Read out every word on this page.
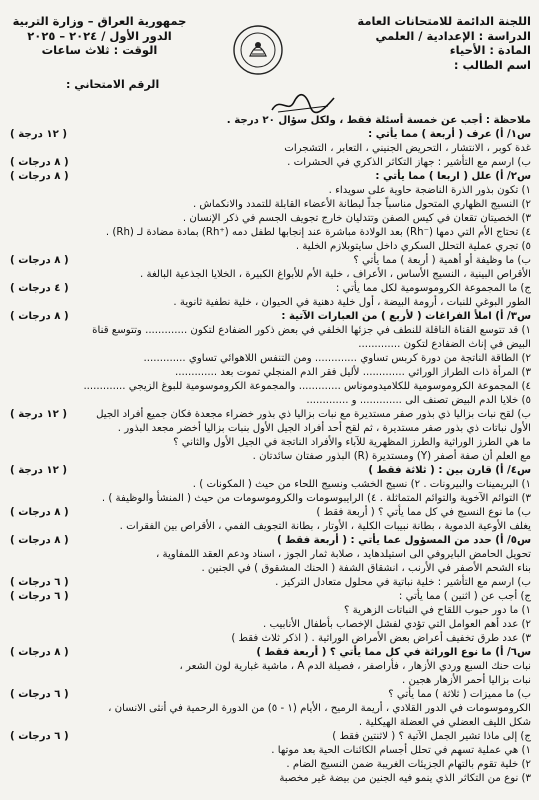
اللجنة الدائمة للامتحانات العامة
الدراسة : الإعدادية / العلمي
المادة : الأحياء
اسم الطالب :
جمهورية العراق – وزارة التربية
الدور الأول / ٢٠٢٤ – ٢٠٢٥
الوقت : ثلاث ساعات
الرقم الامتحاني :
ملاحظة : أجب عن خمسة أسئلة فقط ، ولكل سؤال ٢٠ درجة .
س١/ أ) عرف ( أربعة ) مما يأتي :
( ١٢ درجة )
غدة كوبر ، الانتشار ، التحريض الجنيني ، التعابر ، التشجرات
ب) ارسم مع التأشير : جهاز التكاثر الذكري في الحشرات .
( ٨ درجات )
س٢/ أ) علل ( اربعا ) مما يأتي :
( ٨ درجات )
١) تكون بذور الذرة الناضجة حاوية على سويداء .
٢) النسيج الظهاري المتحول مناسباً جداً لبطانة الأعضاء القابلة للتمدد والانكماش .
٣) الخصيتان تقعان في كيس الصفن وتتدليان خارج تجويف الجسم في ذكر الإنسان .
٤) تحتاج الأم التي دمها (⁻Rh) بعد الولادة مباشرة عند إنجابها لطفل دمه (⁺Rh) بمادة مضادة لـ (Rh) .
٥) تجري عملية التحلل السكري داخل سايتوبلازم الخلية .
ب) ما وظيفة أو أهمية ( أربعة ) مما يأتي ؟
( ٨ درجات )
الأقراص البينية ، النسيج الأساس ، الأعراف ، خلية الأم للأبواغ الكبيرة ، الخلايا الجذعية البالغة .
ج) ما المجموعة الكروموسومية لكل مما يأتي :
( ٤ درجات )
الطور البوغي للنبات ، أرومة البيضة ، أول خلية دهنية في الحيوان ، خلية نطفية ثانوية .
س٣/ أ) املأ الفراغات ( لأربع ) من العبارات الآتية :
( ٨ درجات )
١) قد تتوسع القناة الناقلة للنطف في جزئها الخلفي في بعض ذكور الضفادع لتكون ............. وتتوسع قناة
البيض في إناث الضفادع لتكون .............
٢) الطاقة الناتجة من دورة كربس تساوي ............. ومن التنفس اللاهوائي تساوي .............
٣) المرأة ذات الطراز الوراثي ............. لأليل فقر الدم المنجلي تموت بعد .............
٤) المجموعة الكروموسومية للكلاميدوموناس ............. والمجموعة الكروموسومية للبوغ الزيجي .............
٥) خلايا الدم البيض تصنف الى ............. و .............
ب) لقح نبات بزاليا ذي بذور صفر مستديرة مع نبات بزاليا ذي بذور خضراء مجعدة فكان جميع أفراد الجيل
( ١٢ درجة )
الأول نباتات ذي بذور صفر مستديرة ، ثم لقح أحد أفراد الجيل الأول بنبات بزاليا أخضر مجعد البذور .
ما هي الطرز الوراثية والطرز المظهرية للآباء والأفراد الناتجة في الجيل الأول والثاني ؟
مع العلم أن صفة أصفر (Y) ومستديرة (R) البذور صفتان سائدتان .
س٤/ أ) قارن بين : ( ثلاثة فقط )
( ١٢ درجة )
١) البريمينات والبيرونات . ٢) نسيج الخشب ونسيج اللحاء من حيث ( المكونات ) .
٣) التوائم الآخوية والتوائم المتماثلة . ٤) الرايبوسومات والكروموسومات من حيث ( المنشأ والوظيفة ) .
ب) ما نوع النسيج في كل مما يأتي ؟ ( أربعة فقط )
( ٨ درجات )
يغلف الأوعية الدموية ، بطانة نبيبات الكلية ، الأوتار ، بطانة التجويف الفمي ، الأقراص بين الفقرات .
س٥/ أ) حدد من المسؤول عما يأتي : ( أربعة فقط )
( ٨ درجات )
تحويل الحامض البايروفي الى استيلدهايد ، صلابة ثمار الجوز ، اسناد ودعم العقد اللمفاوية ،
بناء الشحم الأصفر في الأرنب ، انشقاق الشفة ( الحنك المشقوق ) في الجنين .
ب) ارسم مع التأشير : خلية نباتية في محلول متعادل التركيز .
( ٦ درجات )
ج) أجب عن ( اثنين ) مما يأتي :
( ٦ درجات )
١) ما دور حبوب اللقاح في النباتات الزهرية ؟
٢) عدد أهم العوامل التي تؤدي لفشل الإخصاب بأطفال الأنابيب .
٣) عدد طرق تخفيف أعراض بعض الأمراض الوراثية . ( اذكر ثلاث فقط )
س٦/ أ) ما نوع الوراثة في كل مما يأتي ؟ ( أربعة فقط )
( ٨ درجات )
نبات حنك السبع وردي الأزهار ، فأراصفر ، فصيلة الدم A ، ماشية غبارية لون الشعر ،
نبات بزاليا أحمر الأزهار هجين .
ب) ما مميزات ( ثلاثة ) مما يأتي ؟
( ٦ درجات )
الكروموسومات في الدور القلادي ، أريمة الرميح ، الأيام (١ - ٥) من الدورة الرحمية في أنثى الانسان ،
شكل الليف العضلي في العضلة الهيكلية .
ج) إلى ماذا تشير الجمل الآتية ؟ ( لاثنتين فقط )
( ٦ درجات )
١) هي عملية تسهم في تحلل أجسام الكائنات الحية بعد موتها .
٢) خلية تقوم بالتهام الجزيئات الغريبة ضمن النسيج الضام .
٣) نوع من التكاثر الذي ينمو فيه الجنين من بيضة غير مخصبة
